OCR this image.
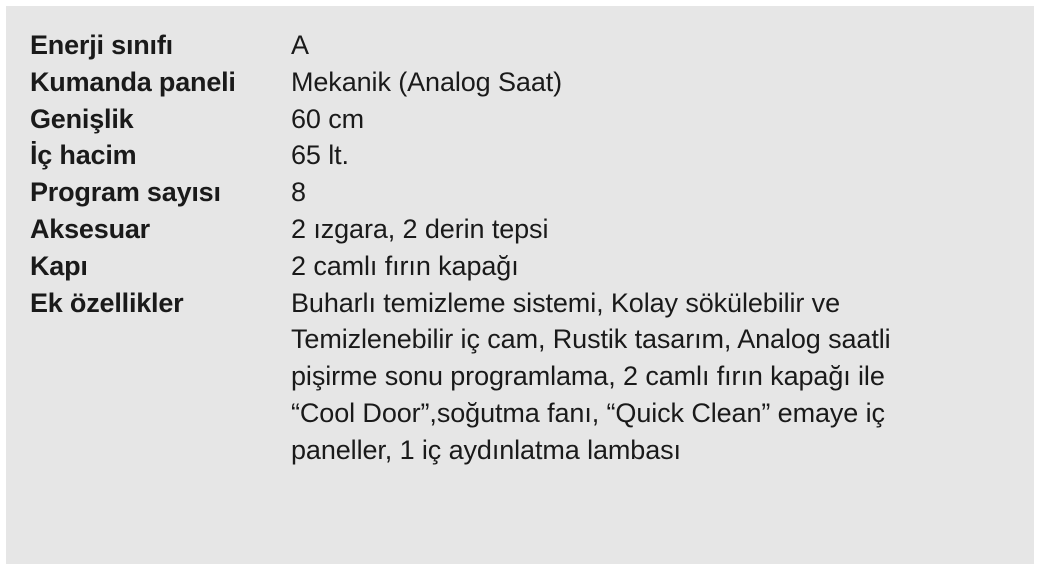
Enerji sınıfı	A
Kumanda paneli	Mekanik (Analog Saat)
Genişlik	60 cm
İç hacim	65 lt.
Program sayısı	8
Aksesuar	2 ızgara, 2 derin tepsi
Kapı	2 camlı fırın kapağı
Ek özellikler	Buharlı temizleme sistemi, Kolay sökülebilir ve
Temizlenebilir iç cam, Rustik tasarım, Analog saatli
pişirme sonu programlama, 2 camlı fırın kapağı ile
“Cool Door”,soğutma fanı, “Quick Clean” emaye iç
paneller, 1 iç aydınlatma lambası
